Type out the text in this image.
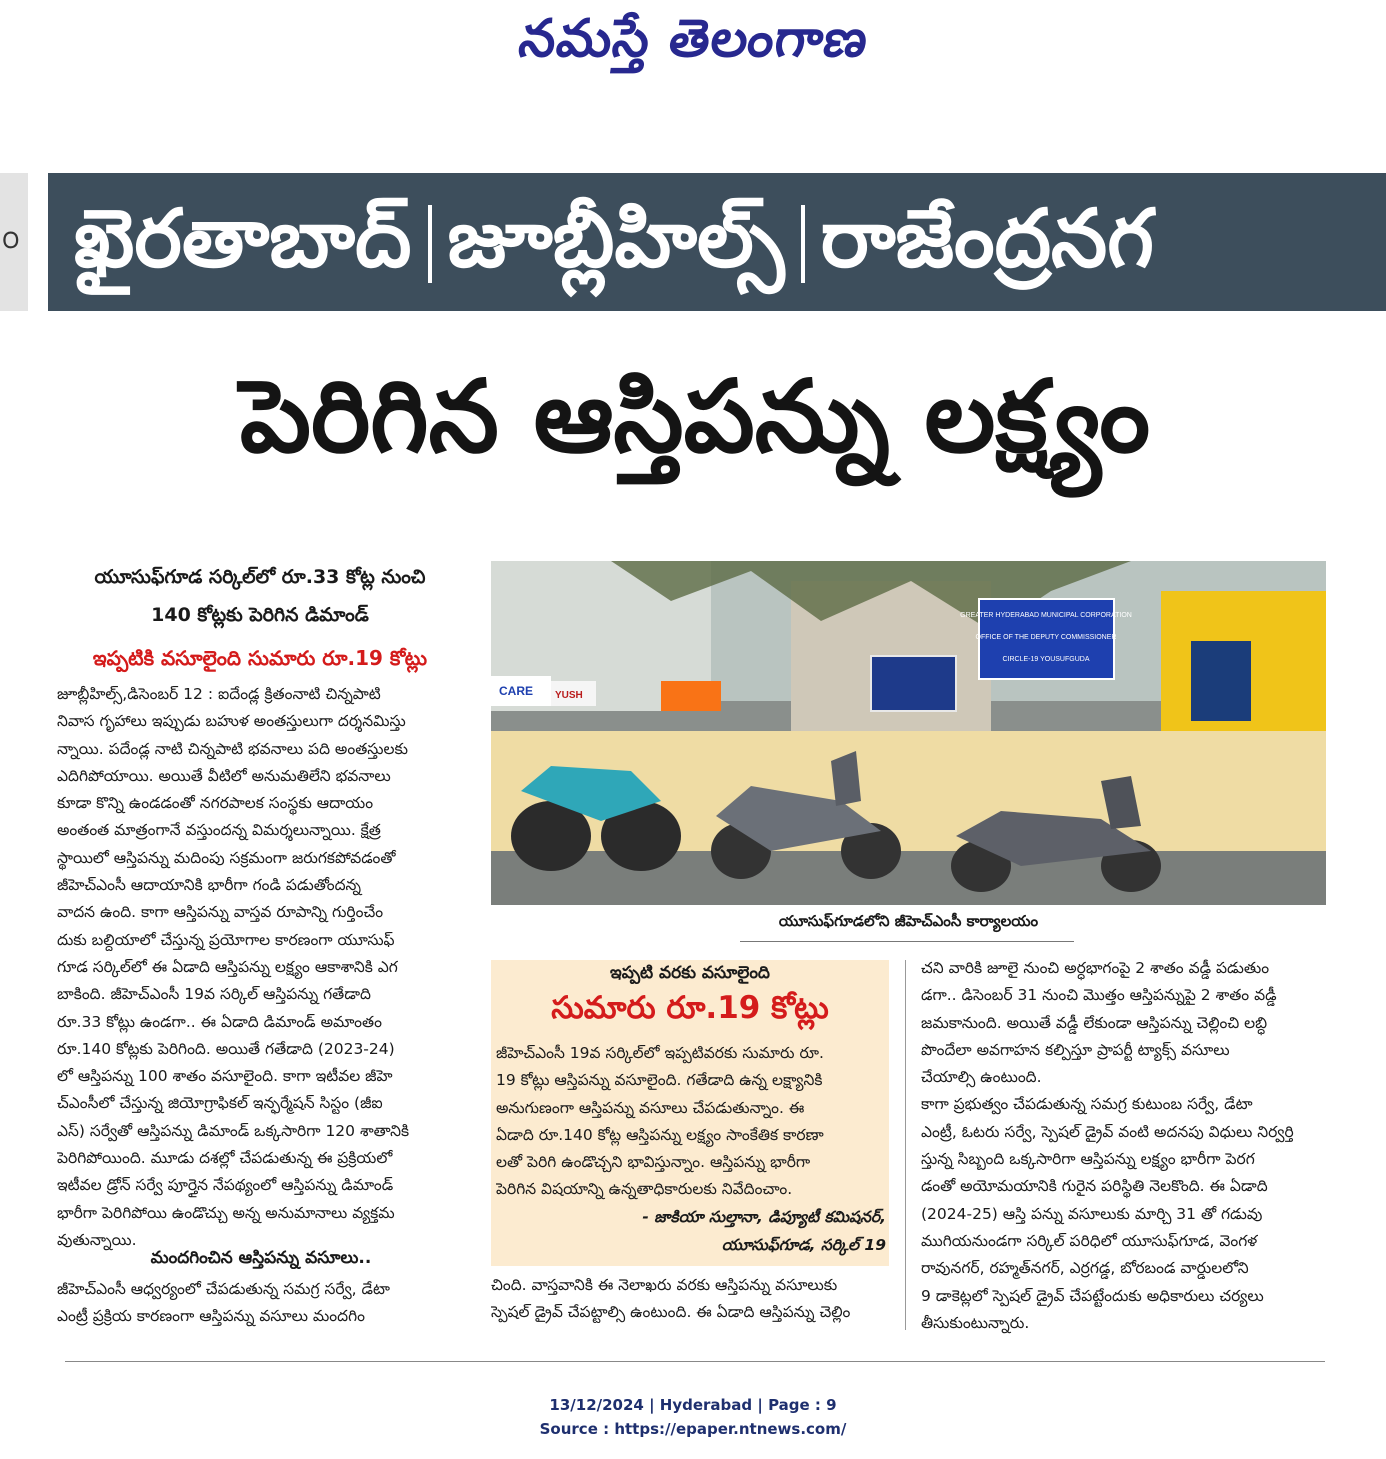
నమస్తే తెలంగాణ
౦ ఖైరతాబాద్ జూబ్లీహిల్స్ రాజేంద్రనగ
పెరిగిన ఆస్తిపన్ను లక్ష్యం
యూసుఫ్‌గూడ సర్కిల్‌లో రూ.33 కోట్ల నుంచి
140 కోట్లకు పెరిగిన డిమాండ్
ఇప్పటికి వసూలైంది సుమారు రూ.19 కోట్లు
జూబ్లీహిల్స్,డిసెంబర్ 12 : ఐదేండ్ల క్రితంనాటి చిన్నపాటి
నివాస గృహాలు ఇప్పుడు బహుళ అంతస్తులుగా దర్శనమిస్తు
న్నాయి. పదేండ్ల నాటి చిన్నపాటి భవనాలు పది అంతస్తులకు
ఎదిగిపోయాయి. అయితే వీటిలో అనుమతిలేని భవనాలు
కూడా కొన్ని ఉండడంతో నగరపాలక సంస్థకు ఆదాయం
అంతంత మాత్రంగానే వస్తుందన్న విమర్శలున్నాయి. క్షేత్ర
స్థాయిలో ఆస్తిపన్ను మదింపు సక్రమంగా జరుగకపోవడంతో
జీహెచ్‌ఎంసీ ఆదాయానికి భారీగా గండి పడుతోందన్న
వాదన ఉంది. కాగా ఆస్తిపన్ను వాస్తవ రూపాన్ని గుర్తించేం
దుకు బల్దియాలో చేస్తున్న ప్రయోగాల కారణంగా యూసుఫ్
గూడ సర్కిల్‌లో ఈ ఏడాది ఆస్తిపన్ను లక్ష్యం ఆకాశానికి ఎగ
బాకింది. జీహెచ్‌ఎంసీ 19వ సర్కిల్ ఆస్తిపన్ను గతేడాది
రూ.33 కోట్లు ఉండగా.. ఈ ఏడాది డిమాండ్ అమాంతం
రూ.140 కోట్లకు పెరిగింది. అయితే గతేడాది (2023-24)
లో ఆస్తిపన్ను 100 శాతం వసూలైంది. కాగా ఇటీవల జీహె
చ్‌ఎంసీలో చేస్తున్న జియోగ్రాఫికల్ ఇన్ఫర్మేషన్ సిస్టం (జీఐ
ఎస్) సర్వేతో ఆస్తిపన్ను డిమాండ్ ఒక్కసారిగా 120 శాతానికి
పెరిగిపోయింది. మూడు దశల్లో చేపడుతున్న ఈ ప్రక్రియలో
ఇటీవల డ్రోన్ సర్వే పూర్తైన నేపథ్యంలో ఆస్తిపన్ను డిమాండ్
భారీగా పెరిగిపోయి ఉండొచ్చు అన్న అనుమానాలు వ్యక్తమ
వుతున్నాయి.
మందగించిన ఆస్తిపన్ను వసూలు..
జీహెచ్‌ఎంసీ ఆధ్వర్యంలో చేపడుతున్న సమగ్ర సర్వే, డేటా
ఎంట్రీ ప్రక్రియ కారణంగా ఆస్తిపన్ను వసూలు మందగిం
GREATER HYDERABAD MUNICIPAL CORPORATION
OFFICE OF THE DEPUTY COMMISSIONER
CIRCLE-19 YOUSUFGUDA
CARE YUSH
యూసుఫ్‌గూడలోని జీహెచ్‌ఎంసీ కార్యాలయం
ఇప్పటి వరకు వసూలైంది
సుమారు రూ.19 కోట్లు
జీహెచ్‌ఎంసీ 19వ సర్కిల్‌లో ఇప్పటివరకు సుమారు రూ.
19 కోట్లు ఆస్తిపన్ను వసూలైంది. గతేడాది ఉన్న లక్ష్యానికి
అనుగుణంగా ఆస్తిపన్ను వసూలు చేపడుతున్నాం. ఈ
ఏడాది రూ.140 కోట్ల ఆస్తిపన్ను లక్ష్యం సాంకేతిక కారణా
లతో పెరిగి ఉండొచ్చని భావిస్తున్నాం. ఆస్తిపన్ను భారీగా
పెరిగిన విషయాన్ని ఉన్నతాధికారులకు నివేదించాం.
- జాకియా సుల్తానా, డిప్యూటీ కమిషనర్,
యూసుఫ్‌గూడ, సర్కిల్ 19
చింది. వాస్తవానికి ఈ నెలాఖరు వరకు ఆస్తిపన్ను వసూలుకు
స్పెషల్ డ్రైవ్ చేపట్టాల్సి ఉంటుంది. ఈ ఏడాది ఆస్తిపన్ను చెల్లిం
చని వారికి జూలై నుంచి అర్ధభాగంపై 2 శాతం వడ్డీ పడుతుం
డగా.. డిసెంబర్ 31 నుంచి మొత్తం ఆస్తిపన్నుపై 2 శాతం వడ్డీ
జమకానుంది. అయితే వడ్డీ లేకుండా ఆస్తిపన్ను చెల్లించి లబ్ధి
పొందేలా అవగాహన కల్పిస్తూ ప్రాపర్టీ ట్యాక్స్ వసూలు
చేయాల్సి ఉంటుంది.
కాగా ప్రభుత్వం చేపడుతున్న సమగ్ర కుటుంబ సర్వే, డేటా
ఎంట్రీ, ఓటరు సర్వే, స్పెషల్ డ్రైవ్ వంటి అదనపు విధులు నిర్వర్తి
స్తున్న సిబ్బంది ఒక్కసారిగా ఆస్తిపన్ను లక్ష్యం భారీగా పెరగ
డంతో అయోమయానికి గురైన పరిస్థితి నెలకొంది. ఈ ఏడాది
(2024-25) ఆస్తి పన్ను వసూలుకు మార్చి 31 తో గడువు
ముగియనుండగా సర్కిల్ పరిధిలో యూసుఫ్‌గూడ, వెంగళ
రావునగర్, రహ్మత్‌నగర్, ఎర్రగడ్డ, బోరబండ వార్డులలోని
9 డాకెట్లలో స్పెషల్ డ్రైవ్ చేపట్టేందుకు అధికారులు చర్యలు
తీసుకుంటున్నారు.
13/12/2024 | Hyderabad | Page : 9
Source : https://epaper.ntnews.com/
